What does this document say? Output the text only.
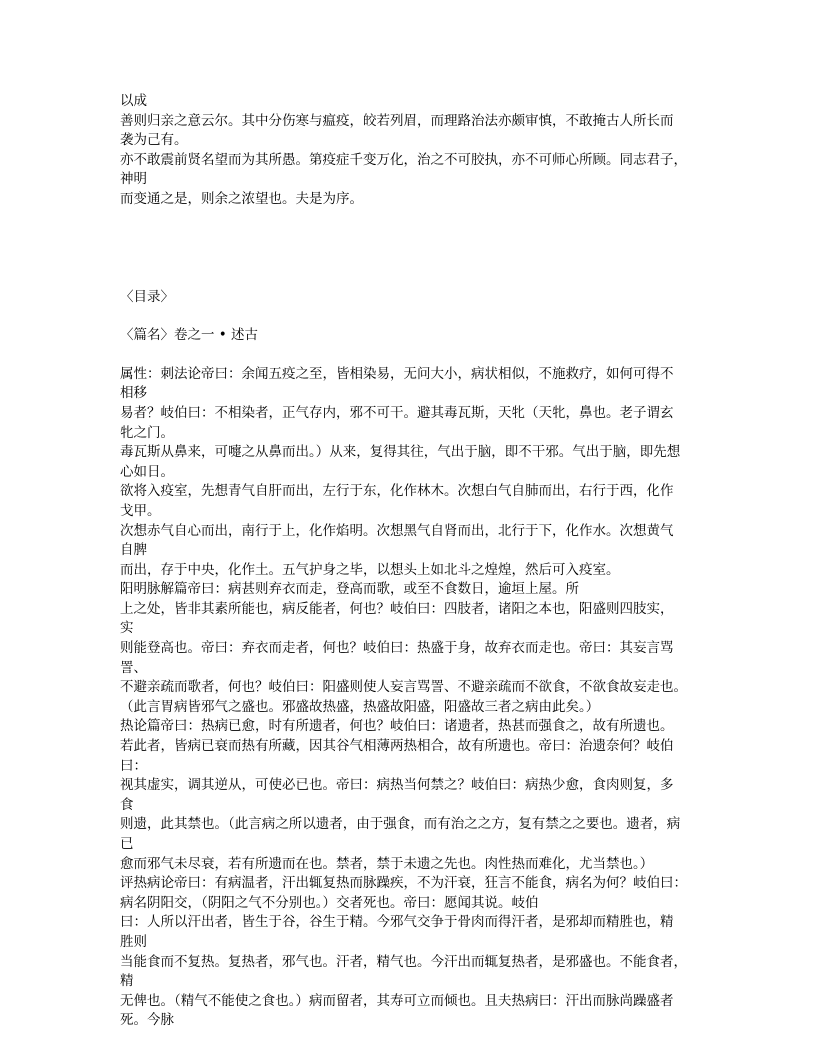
以成
善则归亲之意云尔。其中分伤寒与瘟疫，皎若列眉，而理路治法亦颇审慎，不敢掩古人所长而
袭为己有。
亦不敢震前贤名望而为其所愚。第疫症千变万化，治之不可胶执，亦不可师心所顾。同志君子，
神明
而变通之是，则余之浓望也。夫是为序。
〈目录〉
〈篇名〉卷之一 • 述古
属性：刺法论帝曰：余闻五疫之至，皆相染易，无问大小，病状相似，不施救疗，如何可得不
相移
易者？岐伯曰：不相染者，正气存内，邪不可干。避其毒瓦斯，天牝（天牝，鼻也。老子谓玄
牝之门。
毒瓦斯从鼻来，可嚏之从鼻而出。）从来，复得其往，气出于脑，即不干邪。气出于脑，即先想
心如日。
欲将入疫室，先想青气自肝而出，左行于东，化作林木。次想白气自肺而出，右行于西，化作
戈甲。
次想赤气自心而出，南行于上，化作焰明。次想黑气自肾而出，北行于下，化作水。次想黄气
自脾
而出，存于中央，化作土。五气护身之毕，以想头上如北斗之煌煌，然后可入疫室。
阳明脉解篇帝曰：病甚则弃衣而走，登高而歌，或至不食数日，逾垣上屋。所
上之处，皆非其素所能也，病反能者，何也？岐伯曰：四肢者，诸阳之本也，阳盛则四肢实，
实
则能登高也。帝曰：弃衣而走者，何也？岐伯曰：热盛于身，故弃衣而走也。帝曰：其妄言骂
詈、
不避亲疏而歌者，何也？岐伯曰：阳盛则使人妄言骂詈、不避亲疏而不欲食，不欲食故妄走也。
（此言胃病皆邪气之盛也。邪盛故热盛，热盛故阳盛，阳盛故三者之病由此矣。）
热论篇帝曰：热病已愈，时有所遗者，何也？岐伯曰：诸遗者，热甚而强食之，故有所遗也。
若此者，皆病已衰而热有所藏，因其谷气相薄两热相合，故有所遗也。帝曰：治遗奈何？岐伯
曰：
视其虚实，调其逆从，可使必已也。帝曰：病热当何禁之？岐伯曰：病热少愈，食肉则复，多
食
则遗，此其禁也。（此言病之所以遗者，由于强食，而有治之之方，复有禁之之要也。遗者，病
已
愈而邪气未尽衰，若有所遗而在也。禁者，禁于未遗之先也。肉性热而难化，尤当禁也。）
评热病论帝曰：有病温者，汗出辄复热而脉躁疾，不为汗衰，狂言不能食，病名为何？岐伯曰：
病名阴阳交，（阴阳之气不分别也。）交者死也。帝曰：愿闻其说。岐伯
曰：人所以汗出者，皆生于谷，谷生于精。今邪气交争于骨肉而得汗者，是邪却而精胜也，精
胜则
当能食而不复热。复热者，邪气也。汗者，精气也。今汗出而辄复热者，是邪盛也。不能食者，
精
无俾也。（精气不能使之食也。）病而留者，其寿可立而倾也。且夫热病曰：汗出而脉尚躁盛者
死。今脉
